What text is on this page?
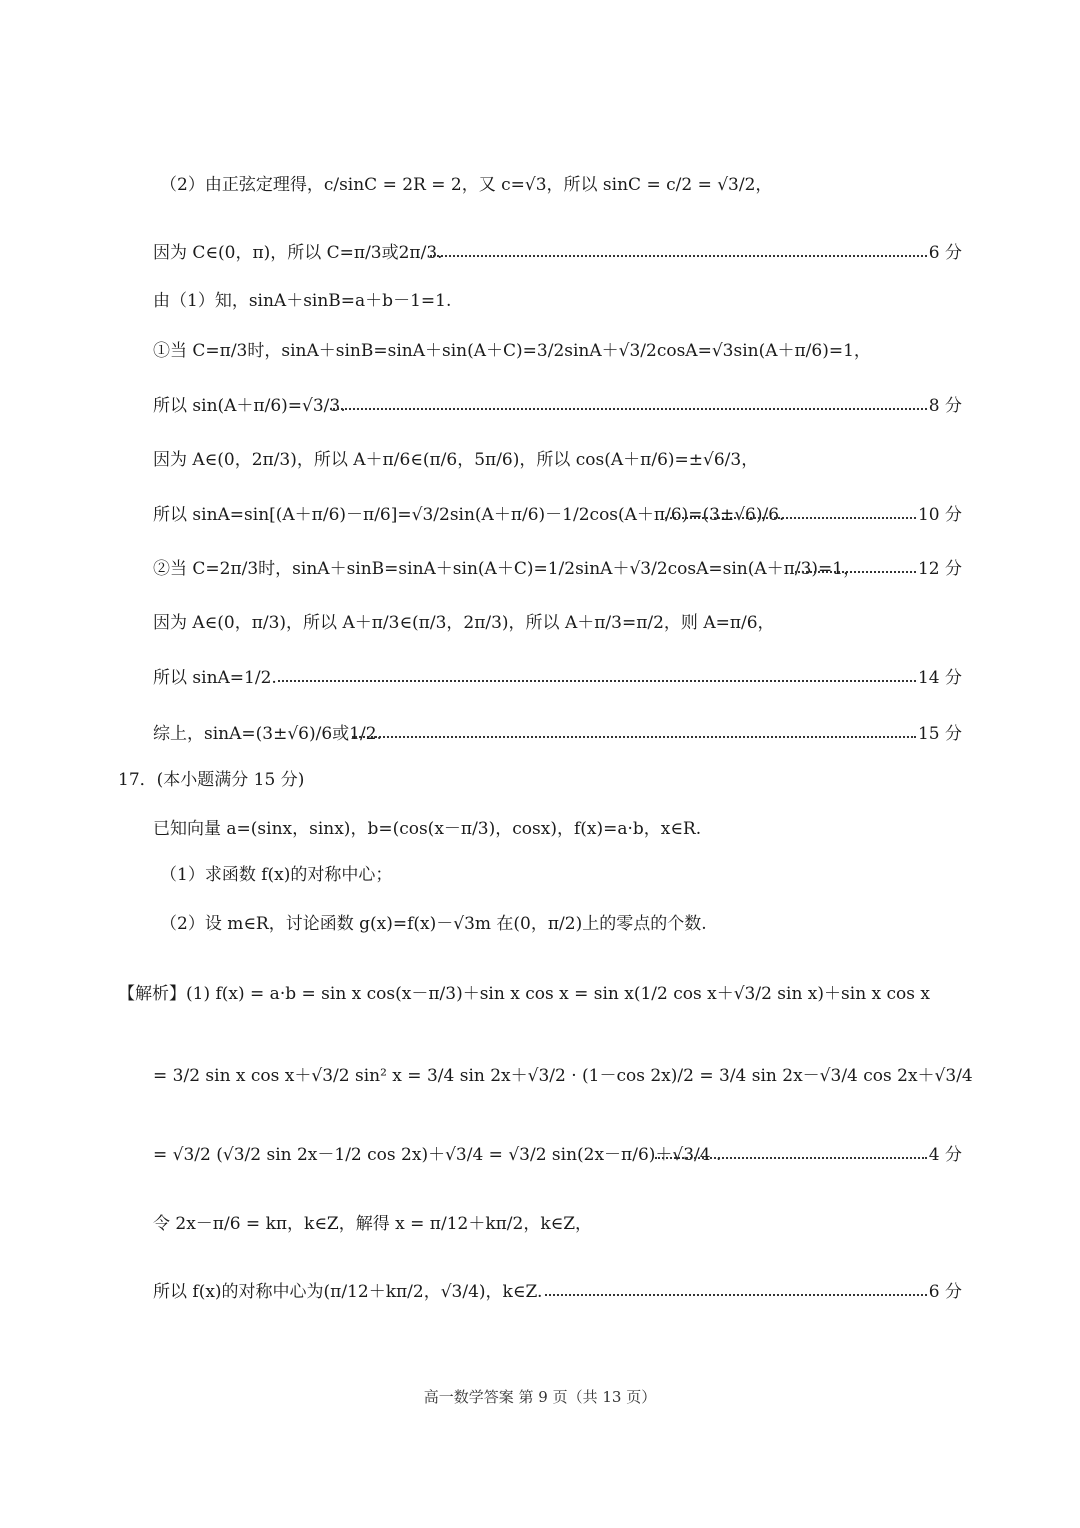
（2）由正弦定理得，c/sinC = 2R = 2，又 c=√3，所以 sinC = c/2 = √3/2，
因为 C∈(0，π)，所以 C=π/3或2π/3.	6 分
由（1）知，sinA＋sinB=a＋b－1=1.
①当 C=π/3时，sinA＋sinB=sinA＋sin(A＋C)=3/2sinA＋√3/2cosA=√3sin(A＋π/6)=1，
所以 sin(A＋π/6)=√3/3.	8 分
因为 A∈(0，2π/3)，所以 A＋π/6∈(π/6，5π/6)，所以 cos(A＋π/6)=±√6/3，
所以 sinA=sin[(A＋π/6)－π/6]=√3/2sin(A＋π/6)－1/2cos(A＋π/6)=(3±√6)/6.	10 分
②当 C=2π/3时，sinA＋sinB=sinA＋sin(A＋C)=1/2sinA＋√3/2cosA=sin(A＋π/3)=1，	12 分
因为 A∈(0，π/3)，所以 A＋π/3∈(π/3，2π/3)，所以 A＋π/3=π/2，则 A=π/6，
所以 sinA=1/2.	14 分
综上，sinA=(3±√6)/6或1/2.	15 分
17．(本小题满分 15 分)
已知向量 a=(sinx，sinx)，b=(cos(x－π/3)，cosx)，f(x)=a·b，x∈R.
（1）求函数 f(x)的对称中心；
（2）设 m∈R，讨论函数 g(x)=f(x)－√3m 在(0，π/2)上的零点的个数.
【解析】(1) f(x) = a·b = sin x cos(x－π/3)＋sin x cos x = sin x(1/2 cos x＋√3/2 sin x)＋sin x cos x
= 3/2 sin x cos x＋√3/2 sin² x = 3/4 sin 2x＋√3/2 · (1－cos 2x)/2 = 3/4 sin 2x－√3/4 cos 2x＋√3/4
= √3/2 (√3/2 sin 2x－1/2 cos 2x)＋√3/4 = √3/2 sin(2x－π/6)＋√3/4 .	4 分
令 2x－π/6 = kπ，k∈Z，解得 x = π/12＋kπ/2，k∈Z，
所以 f(x)的对称中心为(π/12＋kπ/2，√3/4)，k∈Z.	6 分
高一数学答案 第 9 页（共 13 页）
